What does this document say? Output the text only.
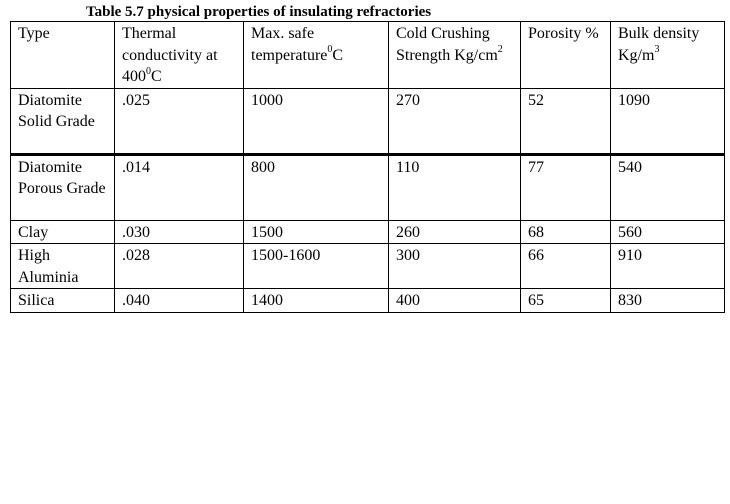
Table 5.7 physical properties of insulating refractories
Type	Thermal conductivity at $400^0C$	Max. safe temperature$^0$C	Cold Crushing Strength $Kg/cm^2$	Porosity %	Bulk density $Kg/m^3$
Diatomite Solid Grade	.025	1000	270	52	1090
Diatomite Porous Grade	.014	800	110	77	540
Clay	.030	1500	260	68	560
High Aluminia	.028	1500-1600	300	66	910
Silica	.040	1400	400	65	830
